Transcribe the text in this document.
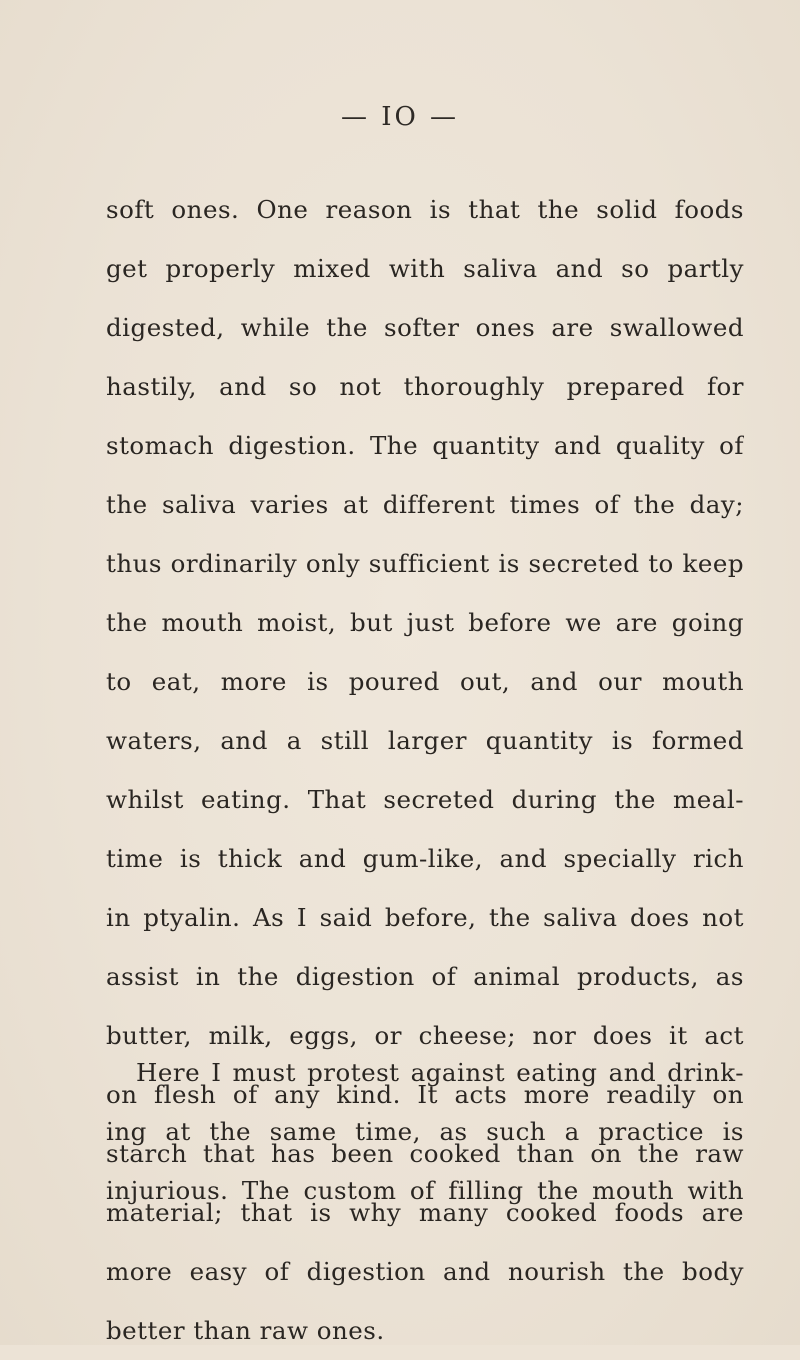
— IO —
soft ones. One reason is that the solid foods
get properly mixed with saliva and so partly
digested, while the softer ones are swallowed
hastily, and so not thoroughly prepared for
stomach digestion. The quantity and quality of
the saliva varies at different times of the day;
thus ordinarily only sufficient is secreted to keep
the mouth moist, but just before we are going
to eat, more is poured out, and our mouth
waters, and a still larger quantity is formed
whilst eating. That secreted during the meal-
time is thick and gum-like, and specially rich
in ptyalin. As I said before, the saliva does not
assist in the digestion of animal products, as
butter, milk, eggs, or cheese; nor does it act
on flesh of any kind. It acts more readily on
starch that has been cooked than on the raw
material; that is why many cooked foods are
more easy of digestion and nourish the body
better than raw ones.
Here I must protest against eating and drink-
ing at the same time, as such a practice is
injurious. The custom of filling the mouth with
